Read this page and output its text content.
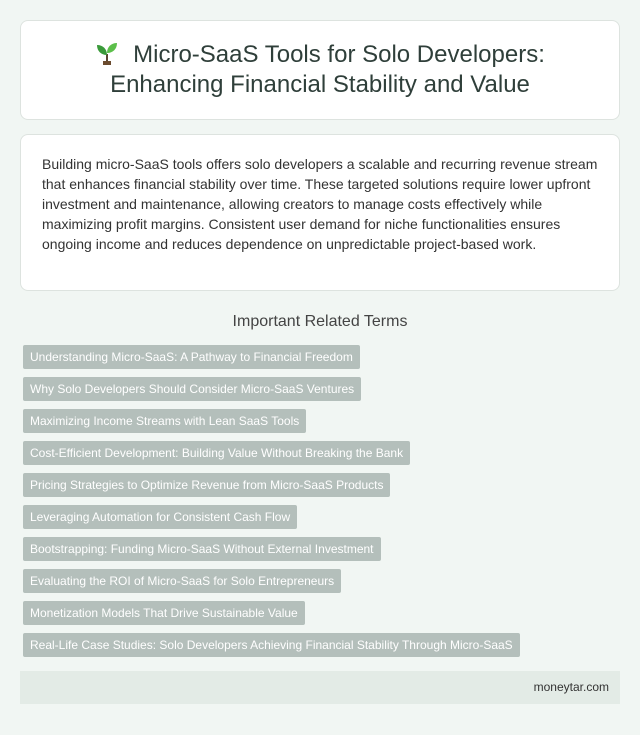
Micro-SaaS Tools for Solo Developers: Enhancing Financial Stability and Value

Building micro-SaaS tools offers solo developers a scalable and recurring revenue stream that enhances financial stability over time. These targeted solutions require lower upfront investment and maintenance, allowing creators to manage costs effectively while maximizing profit margins. Consistent user demand for niche functionalities ensures ongoing income and reduces dependence on unpredictable project-based work.

Important Related Terms
Understanding Micro-SaaS: A Pathway to Financial Freedom
Why Solo Developers Should Consider Micro-SaaS Ventures
Maximizing Income Streams with Lean SaaS Tools
Cost-Efficient Development: Building Value Without Breaking the Bank
Pricing Strategies to Optimize Revenue from Micro-SaaS Products
Leveraging Automation for Consistent Cash Flow
Bootstrapping: Funding Micro-SaaS Without External Investment
Evaluating the ROI of Micro-SaaS for Solo Entrepreneurs
Monetization Models That Drive Sustainable Value
Real-Life Case Studies: Solo Developers Achieving Financial Stability Through Micro-SaaS
moneytar.com
